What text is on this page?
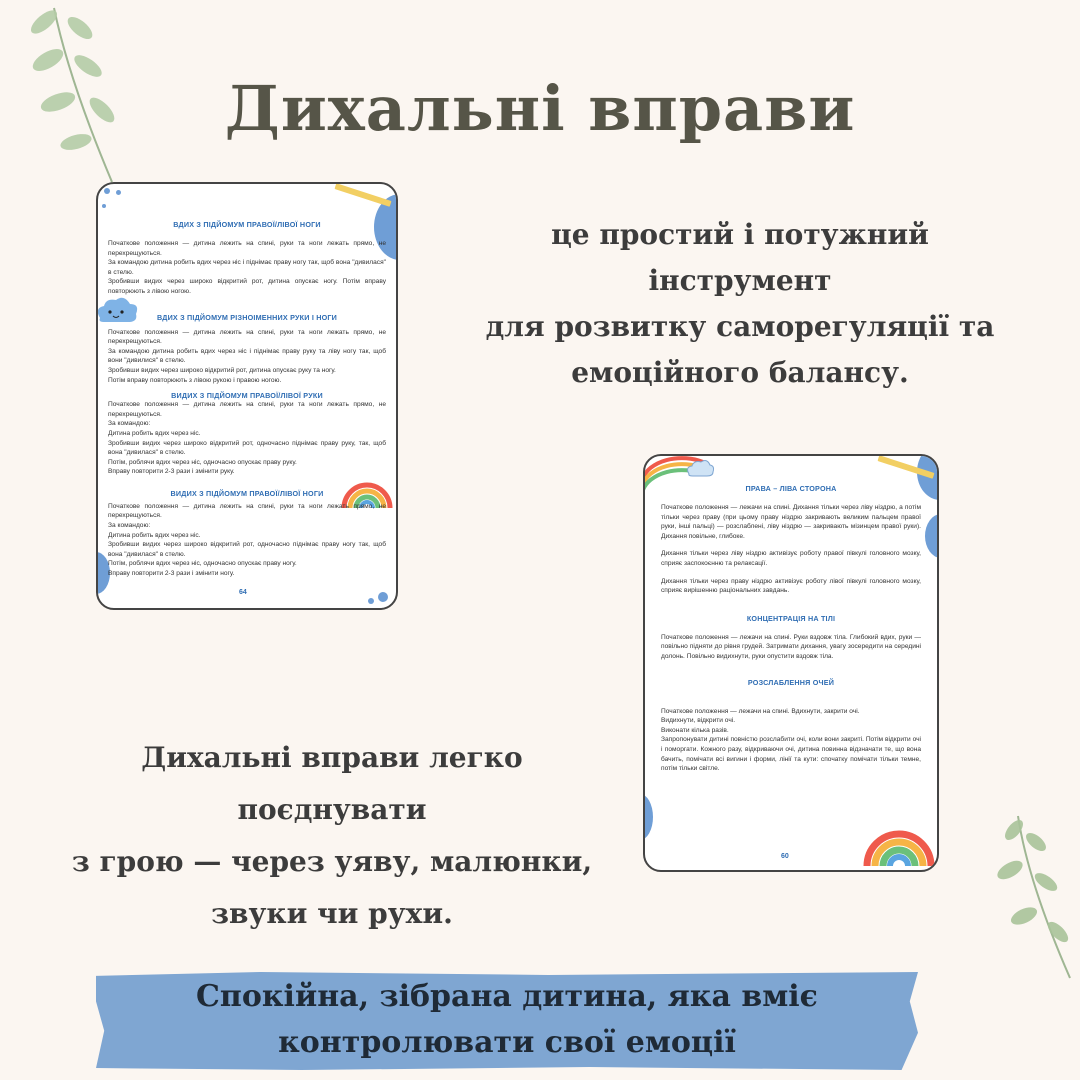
Дихальні вправи

це простий і потужний інструмент

для розвитку саморегуляції та

емоційного балансу.

Дихальні вправи легко поєднувати

з грою — через уяву, малюнки,

звуки чи рухи.

ВДИХ З ПІДЙОМУМ ПРАВОЇ/ЛІВОЇ НОГИ

Початкове положення — дитина лежить на спині, руки та ноги лежать прямо, не перехрещуються.
За командою дитина робить вдих через ніс і піднімає праву ногу так, щоб вона "дивилася" в стелю.
Зробивши видих через широко відкритий рот, дитина опускає ногу. Потім вправу повторюють з лівою ногою.

ВДИХ З ПІДЙОМУМ РІЗНОІМЕННИХ РУКИ І НОГИ

Початкове положення — дитина лежить на спині, руки та ноги лежать прямо, не перехрещуються.
За командою дитина робить вдих через ніс і піднімає праву руку та ліву ногу так, щоб вони "дивилися" в стелю.
Зробивши видих через широко відкритий рот, дитина опускає руку та ногу.
Потім вправу повторюють з лівою рукою і правою ногою.

ВИДИХ З ПІДЙОМУМ ПРАВОЇ/ЛІВОЇ РУКИ

Початкове положення — дитина лежить на спині, руки та ноги лежать прямо, не перехрещуються.
За командою:
Дитина робить вдих через ніс.
Зробивши видих через широко відкритий рот, одночасно піднімає праву руку, так, щоб вона "дивилася" в стелю.
Потім, роблячи вдих через ніс, одночасно опускає праву руку.
Вправу повторити 2-3 рази і змінити руку.

ВИДИХ З ПІДЙОМУМ ПРАВОЇ/ЛІВОЇ НОГИ

Початкове положення — дитина лежить на спині, руки та ноги лежать прямо, не перехрещуються.
За командою:
Дитина робить вдих через ніс.
Зробивши видих через широко відкритий рот, одночасно піднімає праву ногу так, щоб вона "дивилася" в стелю.
Потім, роблячи вдих через ніс, одночасно опускає праву ногу.
Вправу повторити 2-3 рази і змінити ногу.
64

ПРАВА – ЛІВА СТОРОНА

Початкове положення — лежачи на спині. Дихання тільки через ліву ніздрю, а потім тільки через праву (при цьому праву ніздрю закривають великим пальцем правої руки, інші пальці) — розслаблені, ліву ніздрю — закривають мізинцем правої руки). Дихання повільне, глибоке.
Дихання тільки через ліву ніздрю активізує роботу правої півкулі головного мозку, сприяє заспокоєнню та релаксації.
Дихання тільки через праву ніздрю активізує роботу лівої півкулі головного мозку, сприяє вирішенню раціональних завдань.

КОНЦЕНТРАЦІЯ НА ТІЛІ

Початкове положення — лежачи на спині. Руки вздовж тіла. Глибокий вдих, руки — повільно підняти до рівня грудей. Затримати дихання, увагу зосередити на середині долонь. Повільно видихнути, руки опустити вздовж тіла.

РОЗСЛАБЛЕННЯ ОЧЕЙ

Початкове положення — лежачи на спині. Вдихнути, закрити очі.
Видихнути, відкрити очі.
Виконати кілька разів.
Запропонувати дитині повністю розслабити очі, коли вони закриті. Потім відкрити очі і поморгати. Кожного разу, відкриваючи очі, дитина повинна відзначати те, що вона бачить, помічати всі вигини і форми, лінії та кути: спочатку помічати тільки темне, потім тільки світле.
60

Спокійна, зібрана дитина, яка вміє

контролювати свої емоції
